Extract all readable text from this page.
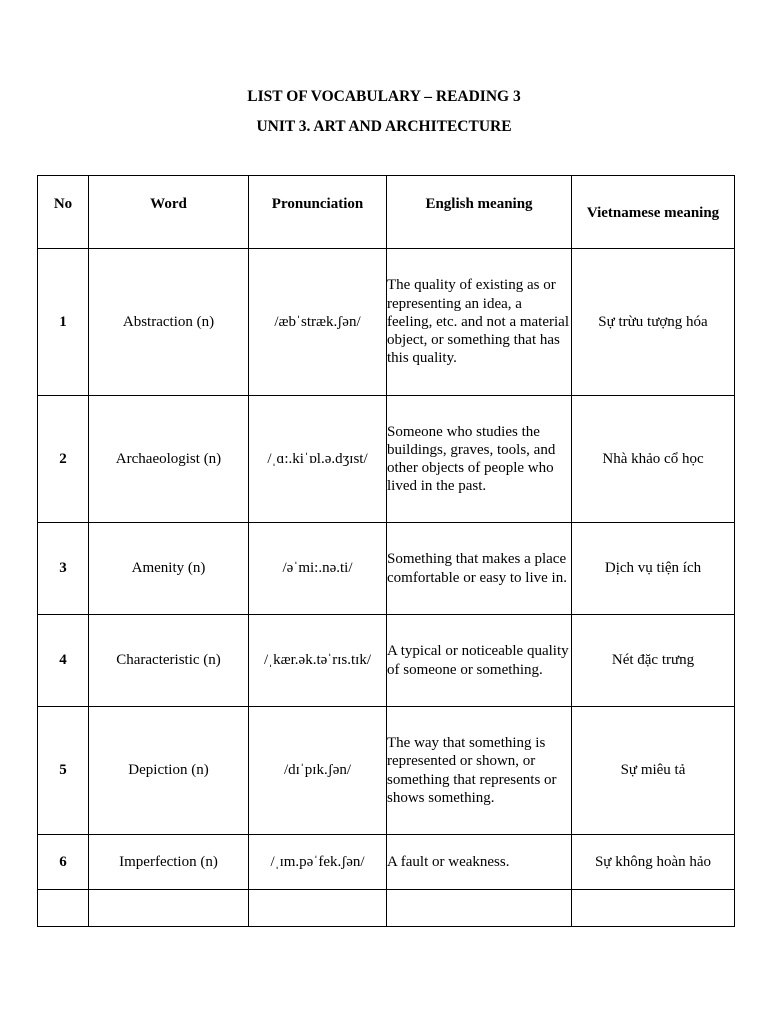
LIST OF VOCABULARY – READING 3
UNIT 3. ART AND ARCHITECTURE
No	Word	Pronunciation	English meaning	Vietnamese meaning

1	Abstraction (n)	/æbˈstræk.ʃən/	The quality of existing as or representing an idea, a feeling, etc. and not a material object, or something that has this quality.	Sự trừu tượng hóa
2	Archaeologist (n)	/ˌɑ:.kiˈɒl.ə.dʒɪst/	Someone who studies the buildings, graves, tools, and other objects of people who lived in the past.	Nhà khảo cổ học
3	Amenity (n)	/əˈmi:.nə.ti/	Something that makes a place comfortable or easy to live in.	Dịch vụ tiện ích
4	Characteristic (n)	/ˌkær.ək.təˈrɪs.tɪk/	A typical or noticeable quality of someone or something.	Nét đặc trưng
5	Depiction (n)	/dɪˈpɪk.ʃən/	The way that something is represented or shown, or something that represents or shows something.	Sự miêu tả
6	Imperfection (n)	/ˌɪm.pəˈfek.ʃən/	A fault or weakness.	Sự không hoàn hảo
